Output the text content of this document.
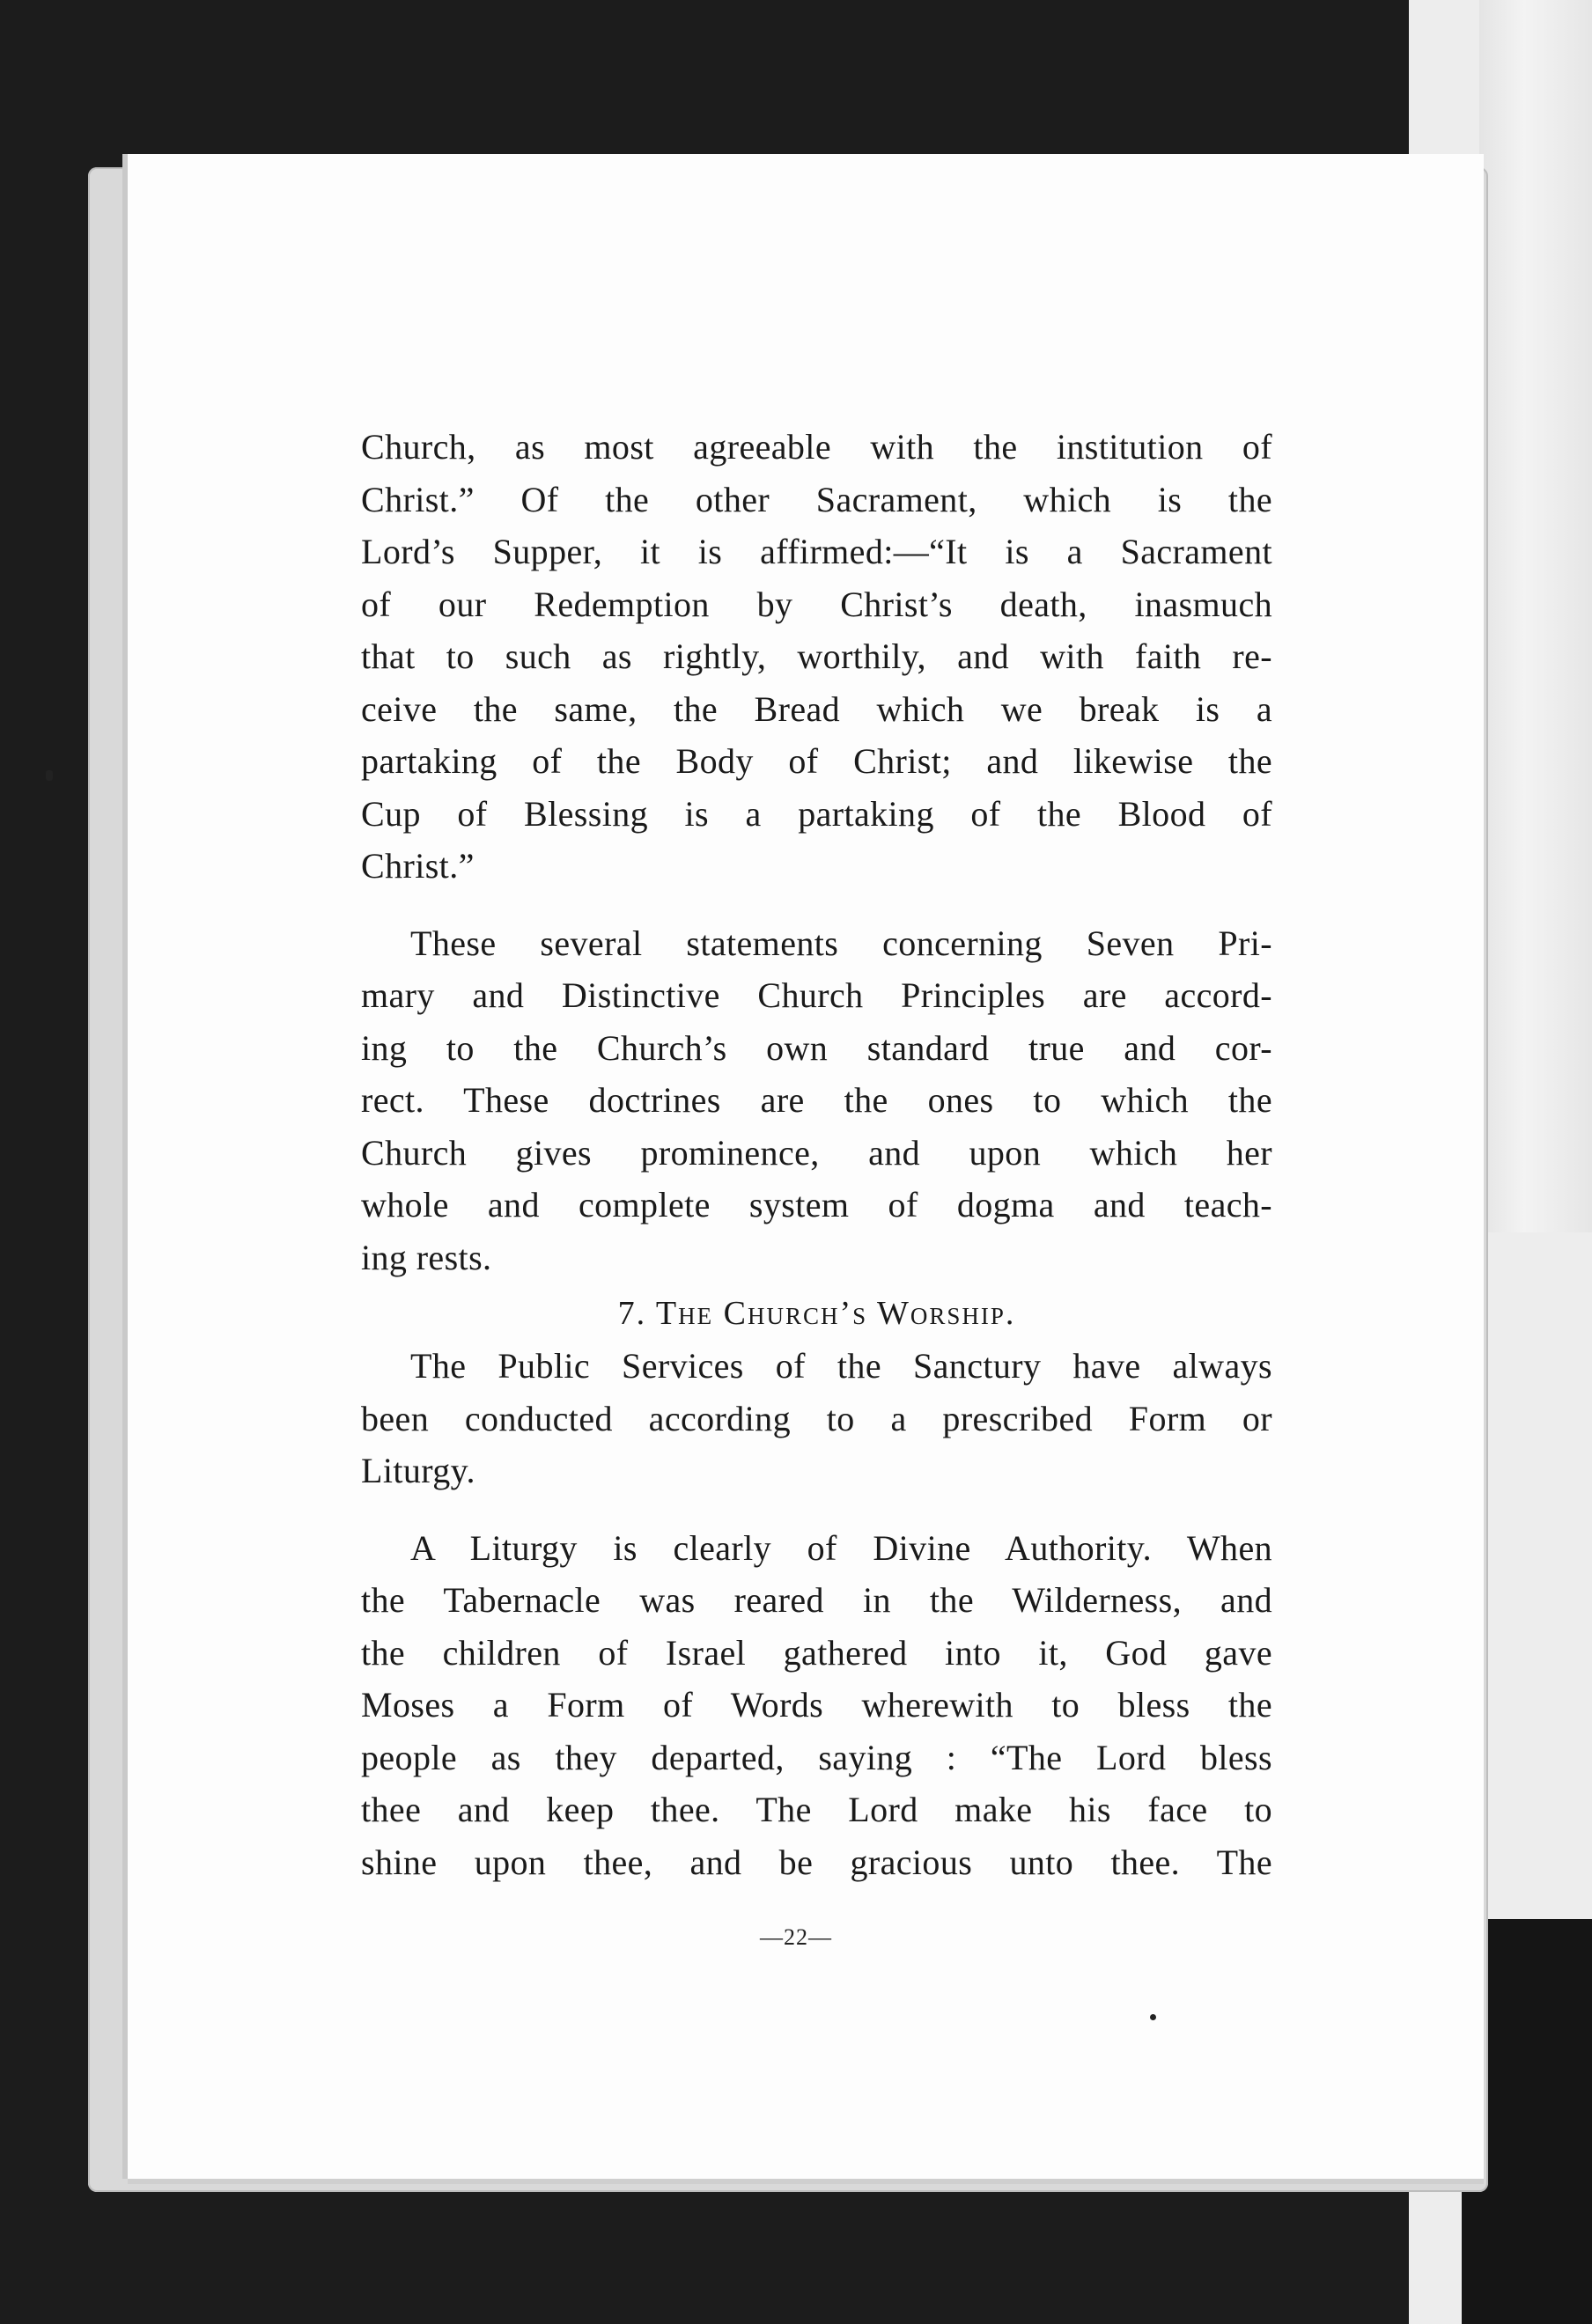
Church, as most agreeable with the institution of
Christ.” Of the other Sacrament, which is the
Lord’s Supper, it is affirmed:—“It is a Sacrament
of our Redemption by Christ’s death, inasmuch
that to such as rightly, worthily, and with faith re-
ceive the same, the Bread which we break is a
partaking of the Body of Christ; and likewise the
Cup of Blessing is a partaking of the Blood of
Christ.”
These several statements concerning Seven Pri-
mary and Distinctive Church Principles are accord-
ing to the Church’s own standard true and cor-
rect. These doctrines are the ones to which the
Church gives prominence, and upon which her
whole and complete system of dogma and teach-
ing rests.
7. The Church’s Worship.
The Public Services of the Sanctury have always
been conducted according to a prescribed Form or
Liturgy.
A Liturgy is clearly of Divine Authority. When
the Tabernacle was reared in the Wilderness, and
the children of Israel gathered into it, God gave
Moses a Form of Words wherewith to bless the
people as they departed, saying : “The Lord bless
thee and keep thee. The Lord make his face to
shine upon thee, and be gracious unto thee. The
—22—
